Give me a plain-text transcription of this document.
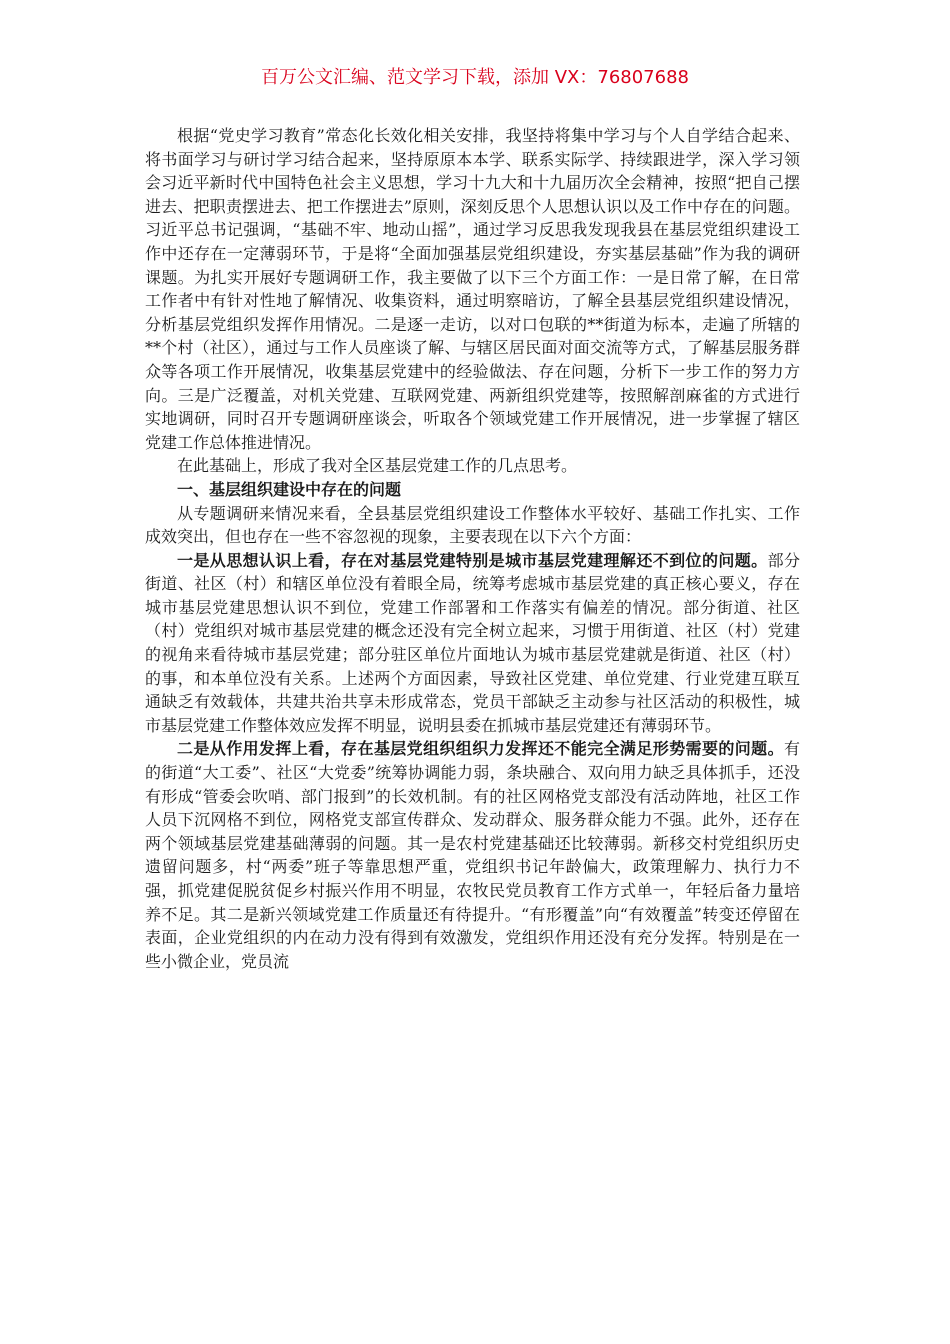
百万公文汇编、范文学习下载，添加 VX：76807688

根据“党史学习教育”常态化长效化相关安排，我坚持将集中学习与个人自学结合起来、将书面学习与研讨学习结合起来，坚持原原本本学、联系实际学、持续跟进学，深入学习领会习近平新时代中国特色社会主义思想，学习十九大和十九届历次全会精神，按照“把自己摆进去、把职责摆进去、把工作摆进去”原则，深刻反思个人思想认识以及工作中存在的问题。习近平总书记强调，“基础不牢、地动山摇”，通过学习反思我发现我县在基层党组织建设工作中还存在一定薄弱环节，于是将“全面加强基层党组织建设，夯实基层基础”作为我的调研课题。为扎实开展好专题调研工作，我主要做了以下三个方面工作：一是日常了解，在日常工作者中有针对性地了解情况、收集资料，通过明察暗访，了解全县基层党组织建设情况，分析基层党组织发挥作用情况。二是逐一走访，以对口包联的**街道为标本，走遍了所辖的**个村（社区），通过与工作人员座谈了解、与辖区居民面对面交流等方式，了解基层服务群众等各项工作开展情况，收集基层党建中的经验做法、存在问题，分析下一步工作的努力方向。三是广泛覆盖，对机关党建、互联网党建、两新组织党建等，按照解剖麻雀的方式进行实地调研，同时召开专题调研座谈会，听取各个领域党建工作开展情况，进一步掌握了辖区党建工作总体推进情况。

在此基础上，形成了我对全区基层党建工作的几点思考。

一、基层组织建设中存在的问题

从专题调研来情况来看，全县基层党组织建设工作整体水平较好、基础工作扎实、工作成效突出，但也存在一些不容忽视的现象，主要表现在以下六个方面：

一是从思想认识上看，存在对基层党建特别是城市基层党建理解还不到位的问题。部分街道、社区（村）和辖区单位没有着眼全局，统筹考虑城市基层党建的真正核心要义，存在城市基层党建思想认识不到位，党建工作部署和工作落实有偏差的情况。部分街道、社区（村）党组织对城市基层党建的概念还没有完全树立起来，习惯于用街道、社区（村）党建的视角来看待城市基层党建；部分驻区单位片面地认为城市基层党建就是街道、社区（村）的事，和本单位没有关系。上述两个方面因素，导致社区党建、单位党建、行业党建互联互通缺乏有效载体，共建共治共享未形成常态，党员干部缺乏主动参与社区活动的积极性，城市基层党建工作整体效应发挥不明显，说明县委在抓城市基层党建还有薄弱环节。

二是从作用发挥上看，存在基层党组织组织力发挥还不能完全满足形势需要的问题。有的街道“大工委”、社区“大党委”统筹协调能力弱，条块融合、双向用力缺乏具体抓手，还没有形成“管委会吹哨、部门报到”的长效机制。有的社区网格党支部没有活动阵地，社区工作人员下沉网格不到位，网格党支部宣传群众、发动群众、服务群众能力不强。此外，还存在两个领域基层党建基础薄弱的问题。其一是农村党建基础还比较薄弱。新移交村党组织历史遗留问题多，村“两委”班子等靠思想严重，党组织书记年龄偏大，政策理解力、执行力不强，抓党建促脱贫促乡村振兴作用不明显，农牧民党员教育工作方式单一，年轻后备力量培养不足。其二是新兴领域党建工作质量还有待提升。“有形覆盖”向“有效覆盖”转变还停留在表面，企业党组织的内在动力没有得到有效激发，党组织作用还没有充分发挥。特别是在一些小微企业，党员流
